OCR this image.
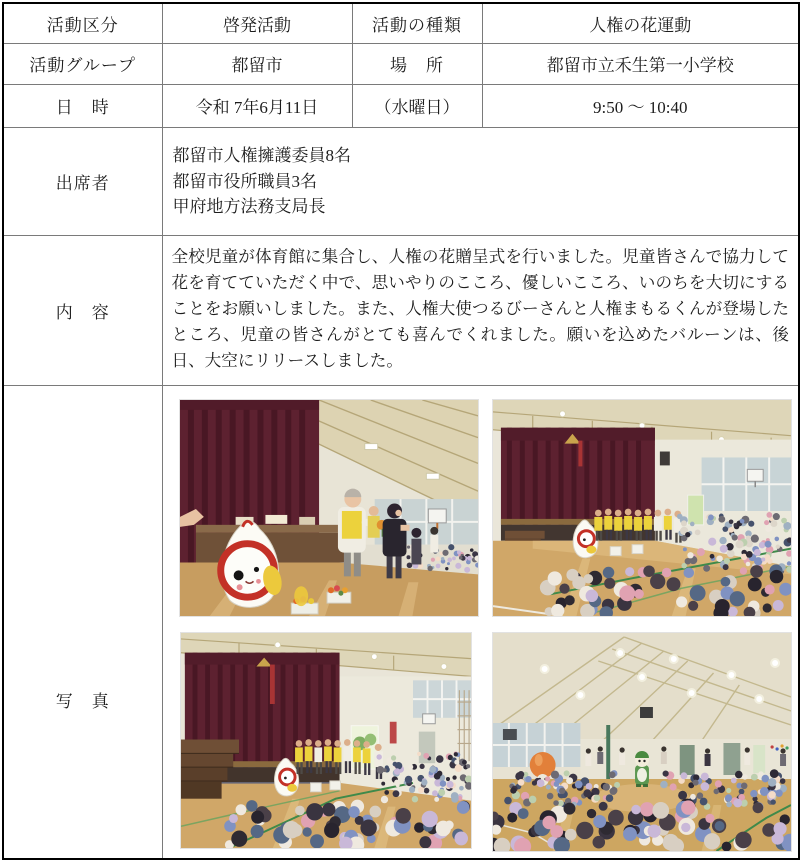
活動区分	啓発活動	活動の種類	人権の花運動
活動グループ	都留市	場　所	都留市立禾生第一小学校
日　時	令和 7年6月11日	（水曜日）	9:50 ～ 10:40
出席者	都留市人権擁護委員8名
都留市役所職員3名
甲府地方法務支局長		

内　容	全校児童が体育館に集合し、人権の花贈呈式を行いました。児童皆さんで協力して花を育てていただく中で、思いやりのこころ、優しいこころ、いのちを大切にすることをお願いしました。また、人権大使つるびーさんと人権まもるくんが登場したところ、児童の皆さんがとても喜んでくれました。願いを込めたバルーンは、後日、大空にリリースしました。		
写　真	
